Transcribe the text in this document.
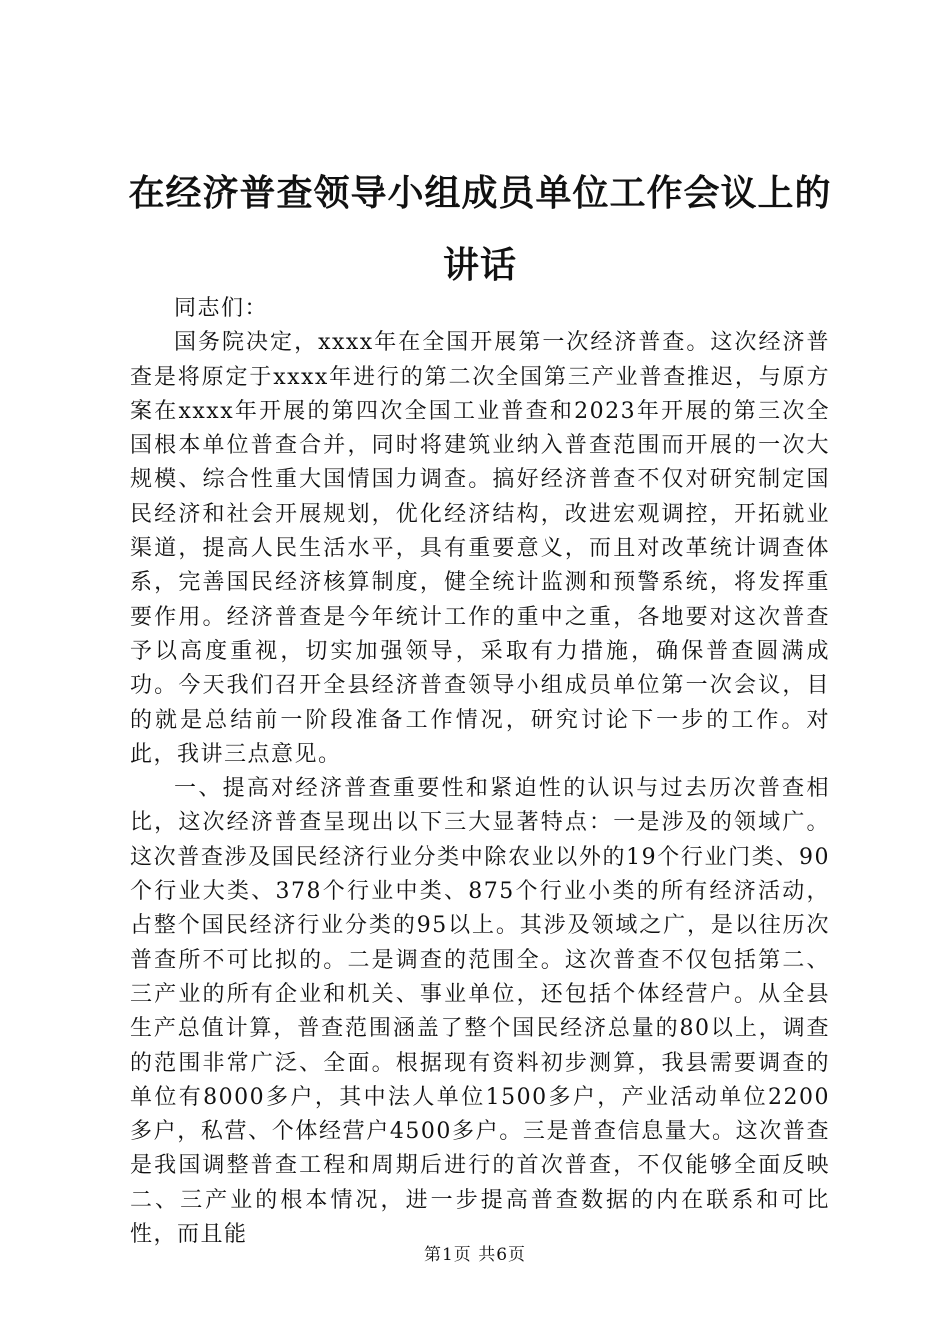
在经济普查领导小组成员单位工作会议上的讲话

同志们：

国务院决定，xxxx年在全国开展第一次经济普查。这次经济普查是将原定于xxxx年进行的第二次全国第三产业普查推迟，与原方案在xxxx年开展的第四次全国工业普查和2023年开展的第三次全国根本单位普查合并，同时将建筑业纳入普查范围而开展的一次大规模、综合性重大国情国力调查。搞好经济普查不仅对研究制定国民经济和社会开展规划，优化经济结构，改进宏观调控，开拓就业渠道，提高人民生活水平，具有重要意义，而且对改革统计调查体系，完善国民经济核算制度，健全统计监测和预警系统，将发挥重要作用。经济普查是今年统计工作的重中之重，各地要对这次普查予以高度重视，切实加强领导，采取有力措施，确保普查圆满成功。今天我们召开全县经济普查领导小组成员单位第一次会议，目的就是总结前一阶段准备工作情况，研究讨论下一步的工作。对此，我讲三点意见。

一、提高对经济普查重要性和紧迫性的认识与过去历次普查相比，这次经济普查呈现出以下三大显著特点：一是涉及的领域广。这次普查涉及国民经济行业分类中除农业以外的19个行业门类、90个行业大类、378个行业中类、875个行业小类的所有经济活动，占整个国民经济行业分类的95以上。其涉及领域之广，是以往历次普查所不可比拟的。二是调查的范围全。这次普查不仅包括第二、三产业的所有企业和机关、事业单位，还包括个体经营户。从全县生产总值计算，普查范围涵盖了整个国民经济总量的80以上，调查的范围非常广泛、全面。根据现有资料初步测算，我县需要调查的单位有8000多户，其中法人单位1500多户，产业活动单位2200多户，私营、个体经营户4500多户。三是普查信息量大。这次普查是我国调整普查工程和周期后进行的首次普查，不仅能够全面反映二、三产业的根本情况，进一步提高普查数据的内在联系和可比性，而且能

第1页 共6页
